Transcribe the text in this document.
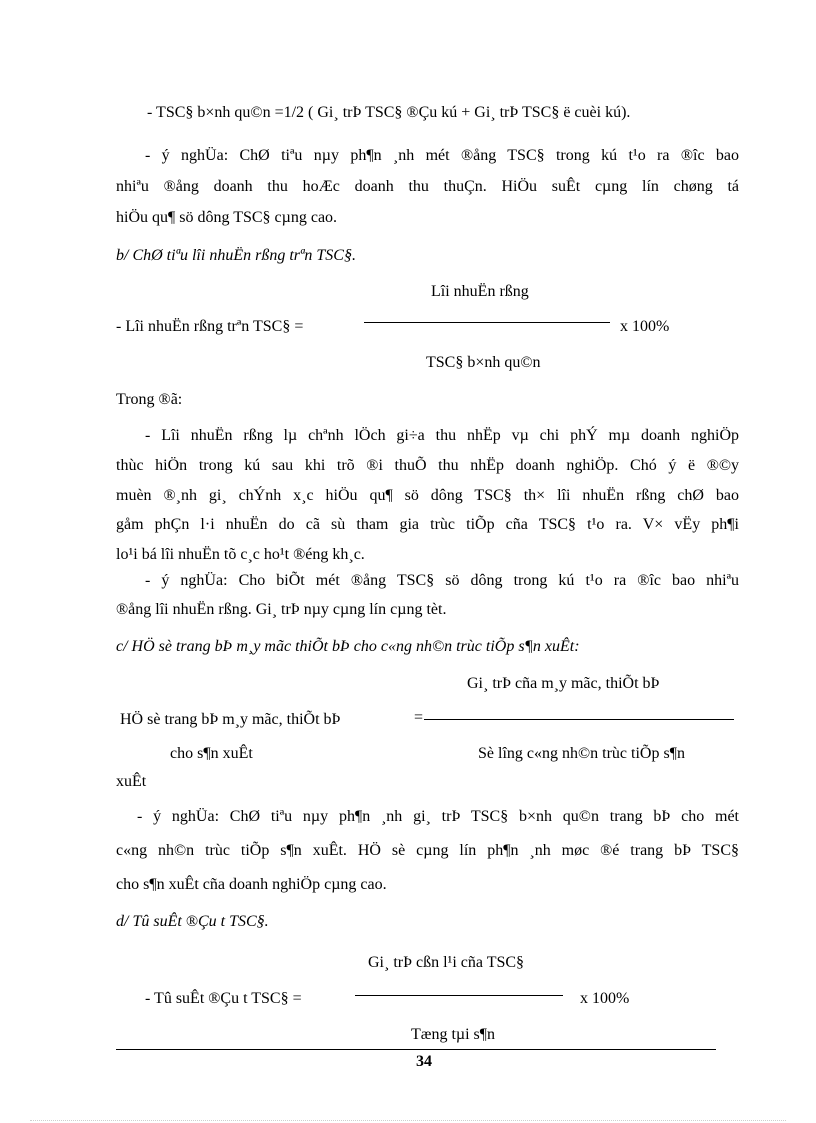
- TSC§ b×nh qu©n =1/2 ( Gi¸ trÞ TSC§ ®Çu kú + Gi¸ trÞ TSC§ ë cuèi kú).
- ý nghÜa: ChØ tiªu nµy ph¶n ¸nh mét ®ång TSC§ trong kú t¹o ra ®îc bao
nhiªu ®ång doanh thu hoÆc doanh thu thuÇn. HiÖu suÊt cµng lín chøng tá
hiÖu qu¶ sö dông TSC§ cµng cao.
b/ ChØ tiªu lîi nhuËn rßng trªn TSC§.
Lîi nhuËn rßng
- Lîi nhuËn rßng trªn TSC§ =	x 100%
TSC§ b×nh qu©n
Trong ®ã:
- Lîi nhuËn rßng lµ chªnh lÖch gi÷a thu nhËp vµ chi phÝ mµ doanh nghiÖp
thùc hiÖn trong kú sau khi trõ ®i thuÕ thu nhËp doanh nghiÖp. Chó ý ë ®©y
muèn ®¸nh gi¸ chÝnh x¸c hiÖu qu¶ sö dông TSC§ th× lîi nhuËn rßng chØ bao
gåm phÇn l·i nhuËn do cã sù tham gia trùc tiÕp cña TSC§ t¹o ra. V× vËy ph¶i
lo¹i bá lîi nhuËn tõ c¸c ho¹t ®éng kh¸c.
- ý nghÜa: Cho biÕt mét ®ång TSC§ sö dông trong kú t¹o ra ®îc bao nhiªu
®ång lîi nhuËn rßng. Gi¸ trÞ nµy cµng lín cµng tèt.
c/ HÖ sè trang bÞ m¸y mãc thiÕt bÞ cho c«ng nh©n trùc tiÕp s¶n xuÊt:
Gi¸ trÞ cña m¸y mãc, thiÕt bÞ
HÖ sè trang bÞ m¸y mãc, thiÕt bÞ	=
cho s¶n xuÊt	Sè lîng c«ng nh©n trùc tiÕp s¶n
xuÊt
- ý nghÜa: ChØ tiªu nµy ph¶n ¸nh gi¸ trÞ TSC§ b×nh qu©n trang bÞ cho mét
c«ng nh©n trùc tiÕp s¶n xuÊt. HÖ sè cµng lín ph¶n ¸nh møc ®é trang bÞ TSC§
cho s¶n xuÊt cña doanh nghiÖp cµng cao.
d/ Tû suÊt ®Çu t TSC§.
Gi¸ trÞ cßn l¹i cña TSC§
- Tû suÊt ®Çu t TSC§ =	x 100%
Tæng tµi s¶n
34
